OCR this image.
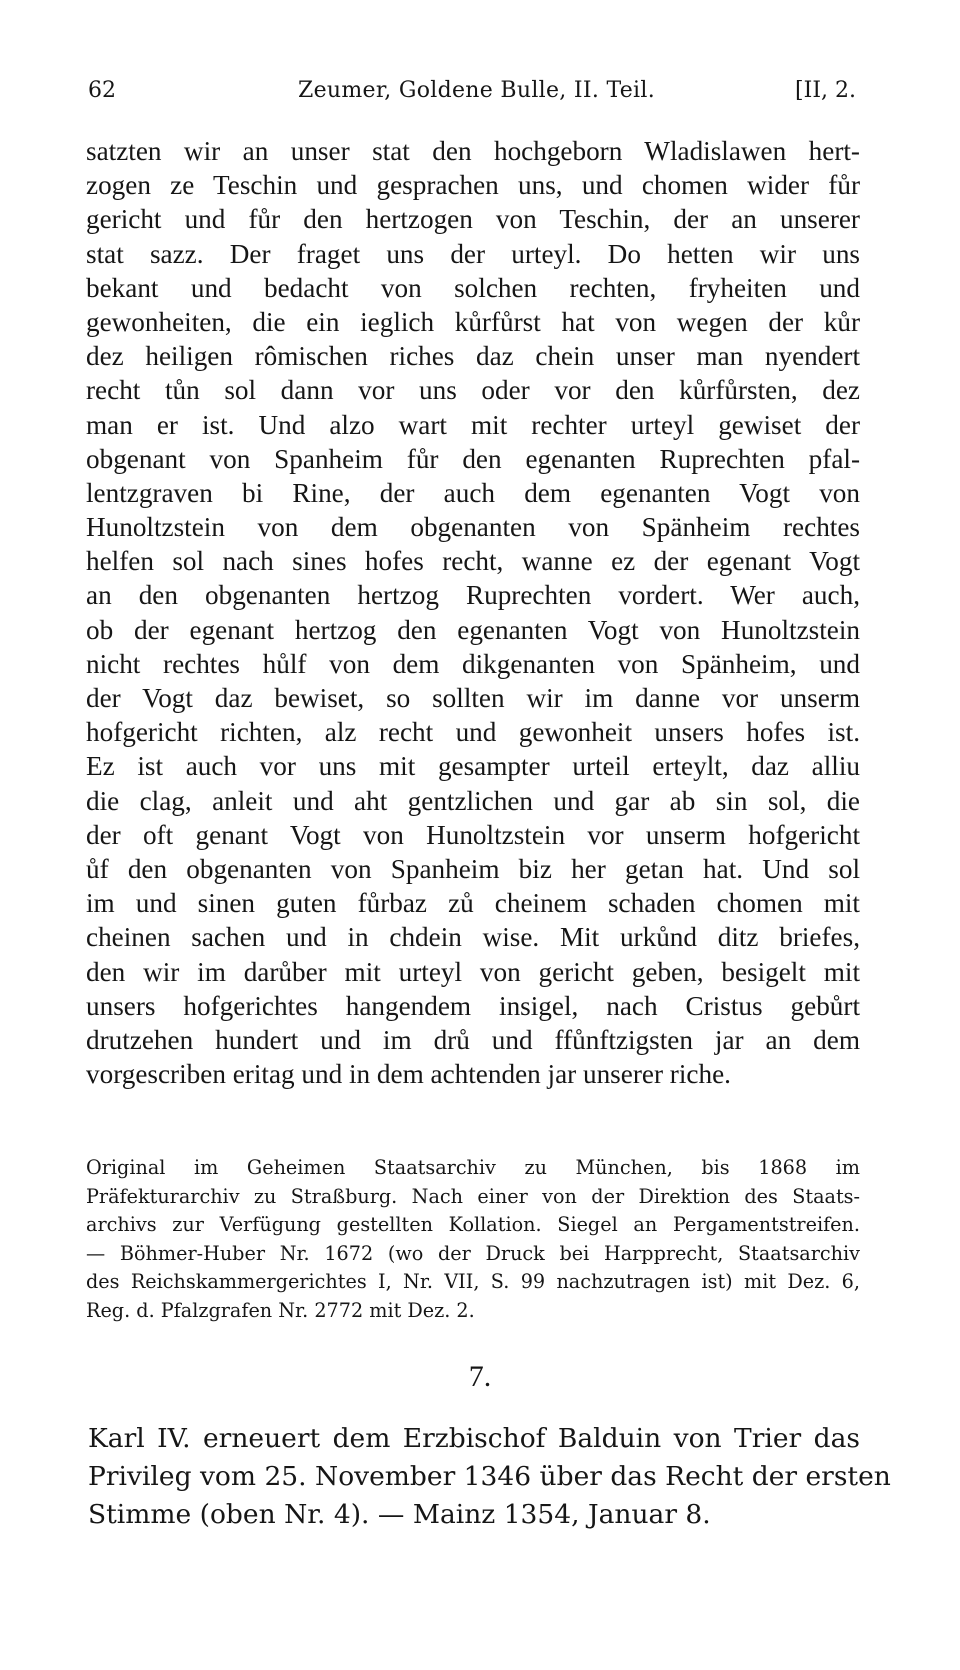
62	Zeumer, Goldene Bulle, II. Teil.	[II, 2.
satzten wir an unser stat den hochgeborn Wladislawen hert-
zogen ze Teschin und gesprachen uns, und chomen wider fůr
gericht und fůr den hertzogen von Teschin, der an unserer
stat sazz. Der fraget uns der urteyl. Do hetten wir uns
bekant und bedacht von solchen rechten, fryheiten und
gewonheiten, die ein ieglich kůrfůrst hat von wegen der kůr
dez heiligen rômischen riches daz chein unser man nyendert
recht tůn sol dann vor uns oder vor den kůrfůrsten, dez
man er ist. Und alzo wart mit rechter urteyl gewiset der
obgenant von Spanheim fůr den egenanten Ruprechten pfal-
lentzgraven bi Rine, der auch dem egenanten Vogt von
Hunoltzstein von dem obgenanten von Spänheim rechtes
helfen sol nach sines hofes recht, wanne ez der egenant Vogt
an den obgenanten hertzog Ruprechten vordert. Wer auch,
ob der egenant hertzog den egenanten Vogt von Hunoltzstein
nicht rechtes hůlf von dem dikgenanten von Spänheim, und
der Vogt daz bewiset, so sollten wir im danne vor unserm
hofgericht richten, alz recht und gewonheit unsers hofes ist.
Ez ist auch vor uns mit gesampter urteil erteylt, daz alliu
die clag, anleit und aht gentzlichen und gar ab sin sol, die
der oft genant Vogt von Hunoltzstein vor unserm hofgericht
ůf den obgenanten von Spanheim biz her getan hat. Und sol
im und sinen guten fůrbaz zů cheinem schaden chomen mit
cheinen sachen und in chdein wise. Mit urkůnd ditz briefes,
den wir im darůber mit urteyl von gericht geben, besigelt mit
unsers hofgerichtes hangendem insigel, nach Cristus gebůrt
drutzehen hundert und im drů und ffůnftzigsten jar an dem
vorgescriben eritag und in dem achtenden jar unserer riche.
Original im Geheimen Staatsarchiv zu München, bis 1868 im
Präfekturarchiv zu Straßburg. Nach einer von der Direktion des Staats-
archivs zur Verfügung gestellten Kollation. Siegel an Pergamentstreifen.
— Böhmer-Huber Nr. 1672 (wo der Druck bei Harpprecht, Staatsarchiv
des Reichskammergerichtes I, Nr. VII, S. 99 nachzutragen ist) mit Dez. 6,
Reg. d. Pfalzgrafen Nr. 2772 mit Dez. 2.
7.
Karl IV. erneuert dem Erzbischof Balduin von Trier das
Privileg vom 25. November 1346 über das Recht der ersten
Stimme (oben Nr. 4). — Mainz 1354, Januar 8.
